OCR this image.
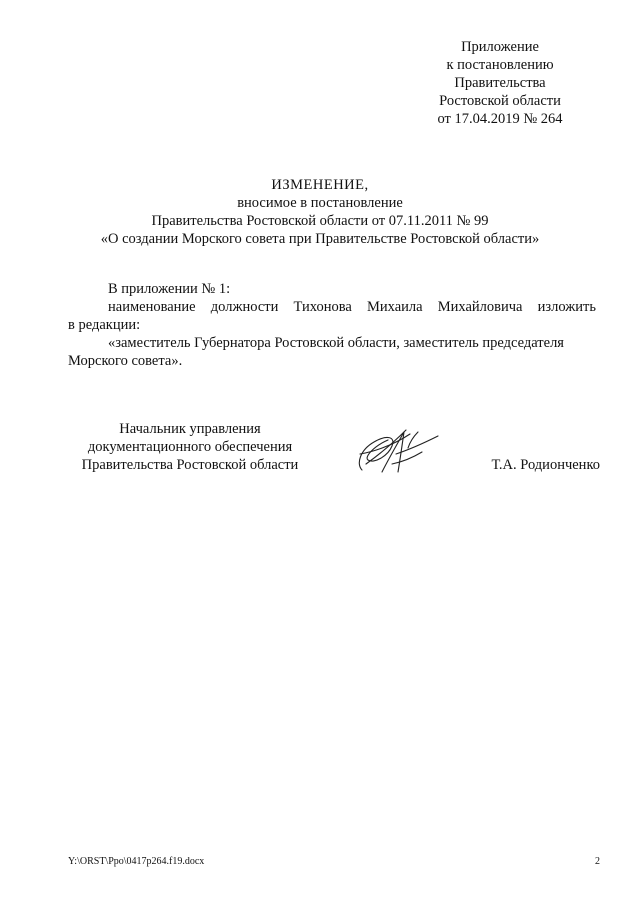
Приложение
к постановлению
Правительства
Ростовской области
от 17.04.2019 № 264
ИЗМЕНЕНИЕ,
вносимое в постановление
Правительства Ростовской области от 07.11.2011 № 99
«О создании Морского совета при Правительстве Ростовской области»

В приложении № 1:

наименование должности Тихонова Михаила Михайловича изложить

в редакции:

«заместитель Губернатора Ростовской области, заместитель председателя

Морского совета».

Начальник управления
документационного обеспечения
Правительства Ростовской области	Т.А. Родионченко
Y:\ORST\Ppo\0417p264.f19.docx	2
